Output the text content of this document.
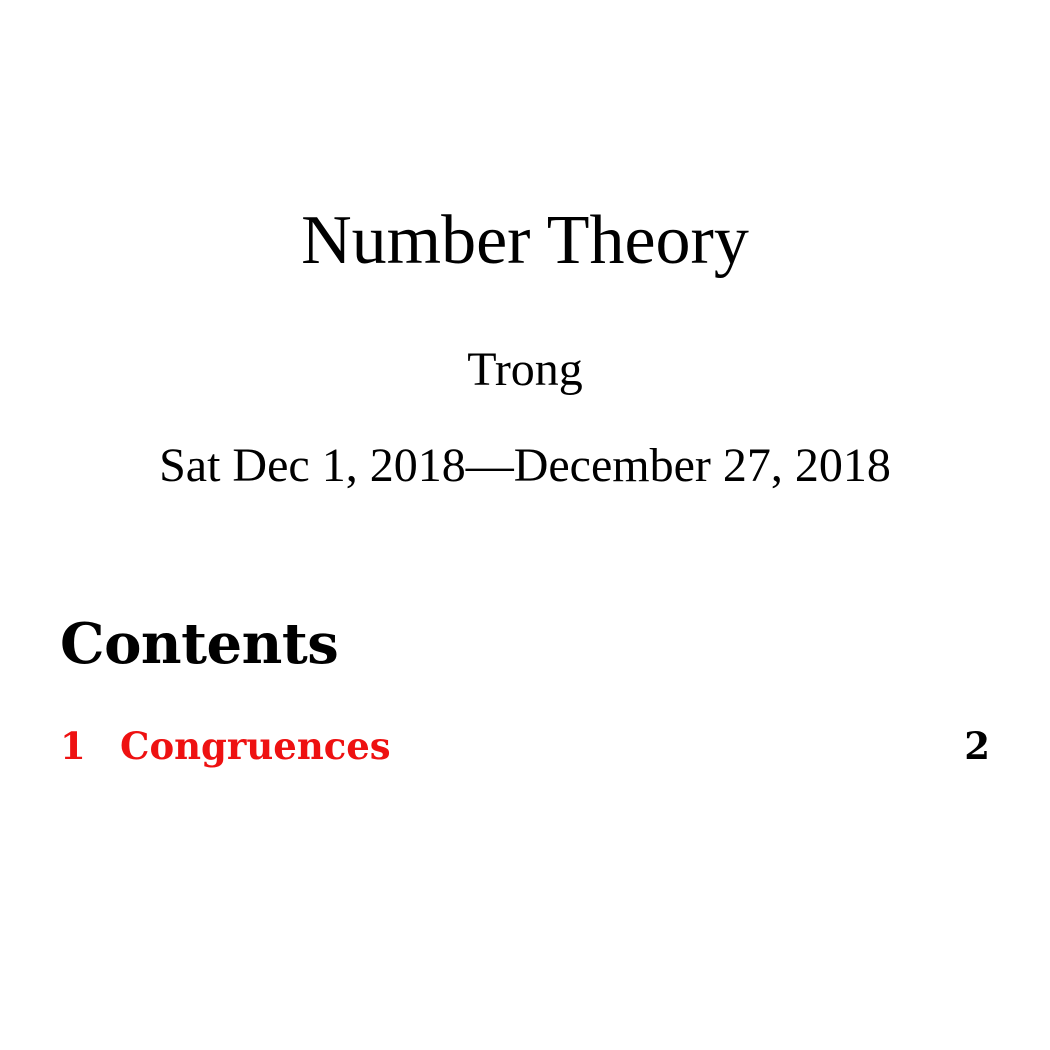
Number Theory
Trong
Sat Dec 1, 2018—December 27, 2018
Contents
1 Congruences	2
